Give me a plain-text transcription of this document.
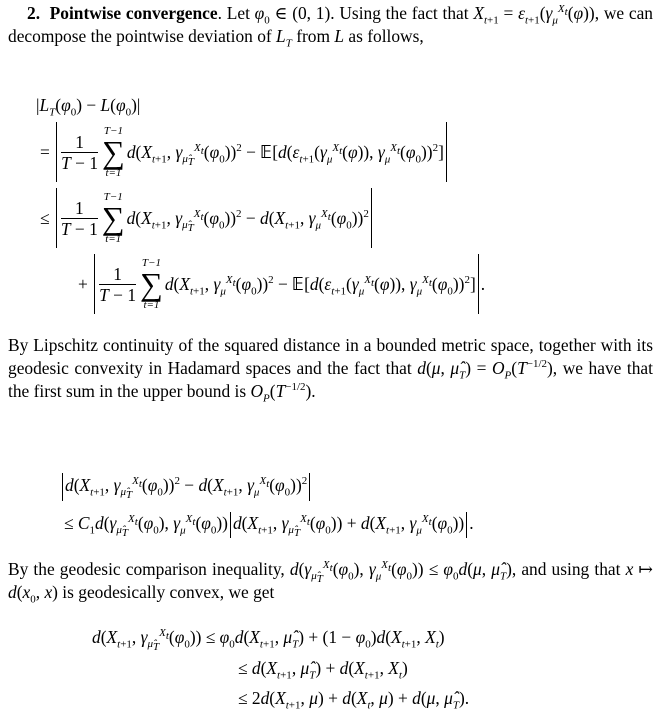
2. Pointwise convergence. Let $\varphi_0$ ∈ (0, 1). Using the fact that $X_{t+1} = \varepsilon_{t+1}(\gamma_\mu^{X_t}(\varphi))$, we can decompose the pointwise deviation of $L_T$ from L as follows,
$|L_T(\varphi_0) - L(\varphi_0)|$
= $\frac{1}{T - 1}$
T−1
∑
t=1
$d(X_{t+1}$, $\gamma_{\mû_T}^{X_t}(\varphi_0))^2$ − $𝔼[d(\varepsilon_{t+1}(\gamma_\mu^{X_t}(\varphi))$, $\gamma_\mu^{X_t}(\varphi_0))^2$]
≤ $\frac{1}{T - 1}$
T−1
∑
t=1
$d(X_{t+1}$, $\gamma_{\mû_T}^{X_t}(\varphi_0))^2 - d(X_{t+1}$, $\gamma_\mu^{X_t}(\varphi_0))^2$
+ $\frac{1}{T - 1}$
T−1
∑
t=1
$d(X_{t+1}$, $\gamma_\mu^{X_t}(\varphi_0))^2$ − $𝔼[d(\varepsilon_{t+1}(\gamma_\mu^{X_t}(\varphi))$, $\gamma_\mu^{X_t}(\varphi_0))^2$] .
By Lipschitz continuity of the squared distance in a bounded metric space, together with its geodesic convexity in Hadamard spaces and the fact that d(μ, $\mû_T) = O_P(T^{-1/2})$, we have that the first sum in the upper bound is $O_P(T^{-1/2})$.
$d(X_{t+1}$, $\gamma_{\mû_T}^{X_t}(\varphi_0))^2 - d(X_{t+1}$, $\gamma_\mu^{X_t}(\varphi_0))^2$
≤ $C_1d(\gamma_{\mû_T}^{X_t}(\varphi_0)$, $\gamma_\mu^{X_t}(\varphi_0)$) $d(X_{t+1}$, $\gamma_{\mû_T}^{X_t}(\varphi_0)) + d(X_{t+1}$, $\gamma_\mu^{X_t}(\varphi_0)$) .
By the geodesic comparison inequality, $d(\gamma_{\mû_T}^{X_t}(\varphi_0)$, $\gamma_\mu^{X_t}(\varphi_0)) \le \varphi_0d(\mu$, $\mû_T$), and using that x ↦ $d(x_0$, x) is geodesically convex, we get
$d(X_{t+1}$, $\gamma_{\mû_T}^{X_t}(\varphi_0)) \le \varphi_0d(X_{t+1}$, $\mû_T) + (1 - \varphi_0)d(X_{t+1}$, $X_t$)
≤ $d(X_{t+1}$, $\mû_T) + d(X_{t+1}$, $X_t$)
≤ $2d(X_{t+1}$, $\mu) + d(X_t$, μ) + d(μ, $\mû_T$).
